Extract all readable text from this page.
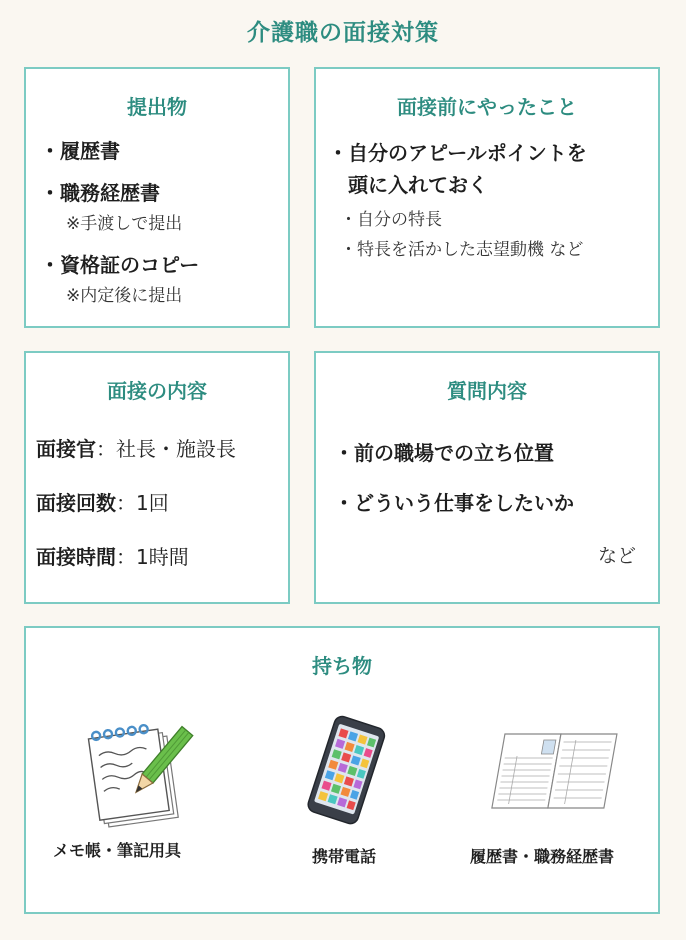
介護職の面接対策
提出物
・履歴書
・職務経歴書
※手渡しで提出
・資格証のコピー
※内定後に提出
面接前にやったこと
・自分のアピールポイントを
頭に入れておく
・自分の特長
・特長を活かした志望動機 など
面接の内容
面接官：社長・施設長
面接回数：1回
面接時間：1時間
質問内容
・前の職場での立ち位置
・どういう仕事をしたいか
など
持ち物
メモ帳・筆記用具	携帯電話	履歴書・職務経歴書
